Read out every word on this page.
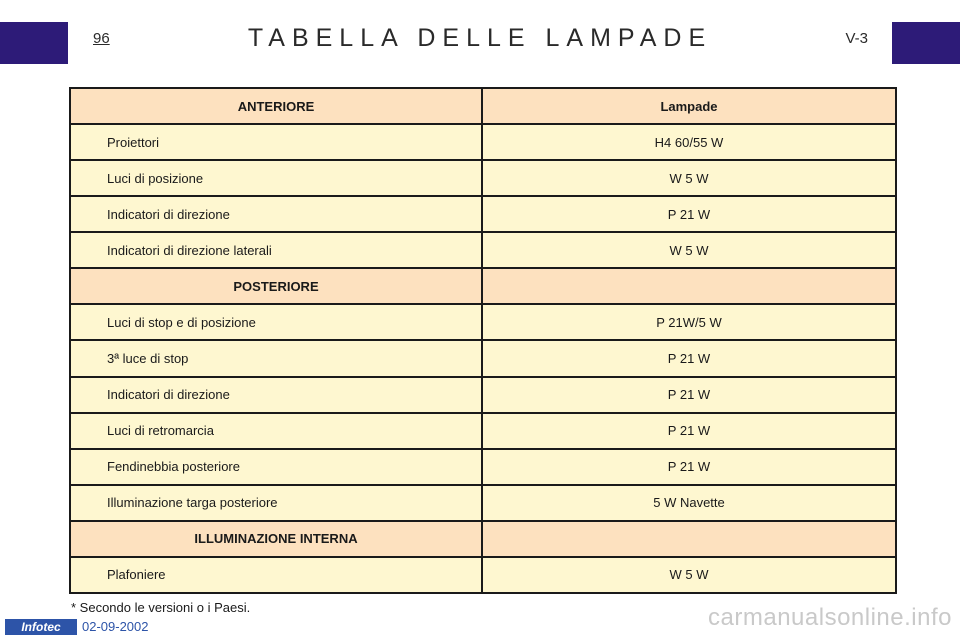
96	TABELLA DELLE LAMPADE	V-3
ANTERIORE	Lampade
Proiettori	H4 60/55 W
Luci di posizione	W 5 W
Indicatori di direzione	P 21 W
Indicatori di direzione laterali	W 5 W
POSTERIORE	
Luci di stop e di posizione	P 21W/5 W
3ª luce di stop	P 21 W
Indicatori di direzione	P 21 W
Luci di retromarcia	P 21 W
Fendinebbia posteriore	P 21 W
Illuminazione targa posteriore	5 W Navette
ILLUMINAZIONE INTERNA	
Plafoniere	W 5 W
* Secondo le versioni o i Paesi.
Infotec	02-09-2002	carmanualsonline.info
